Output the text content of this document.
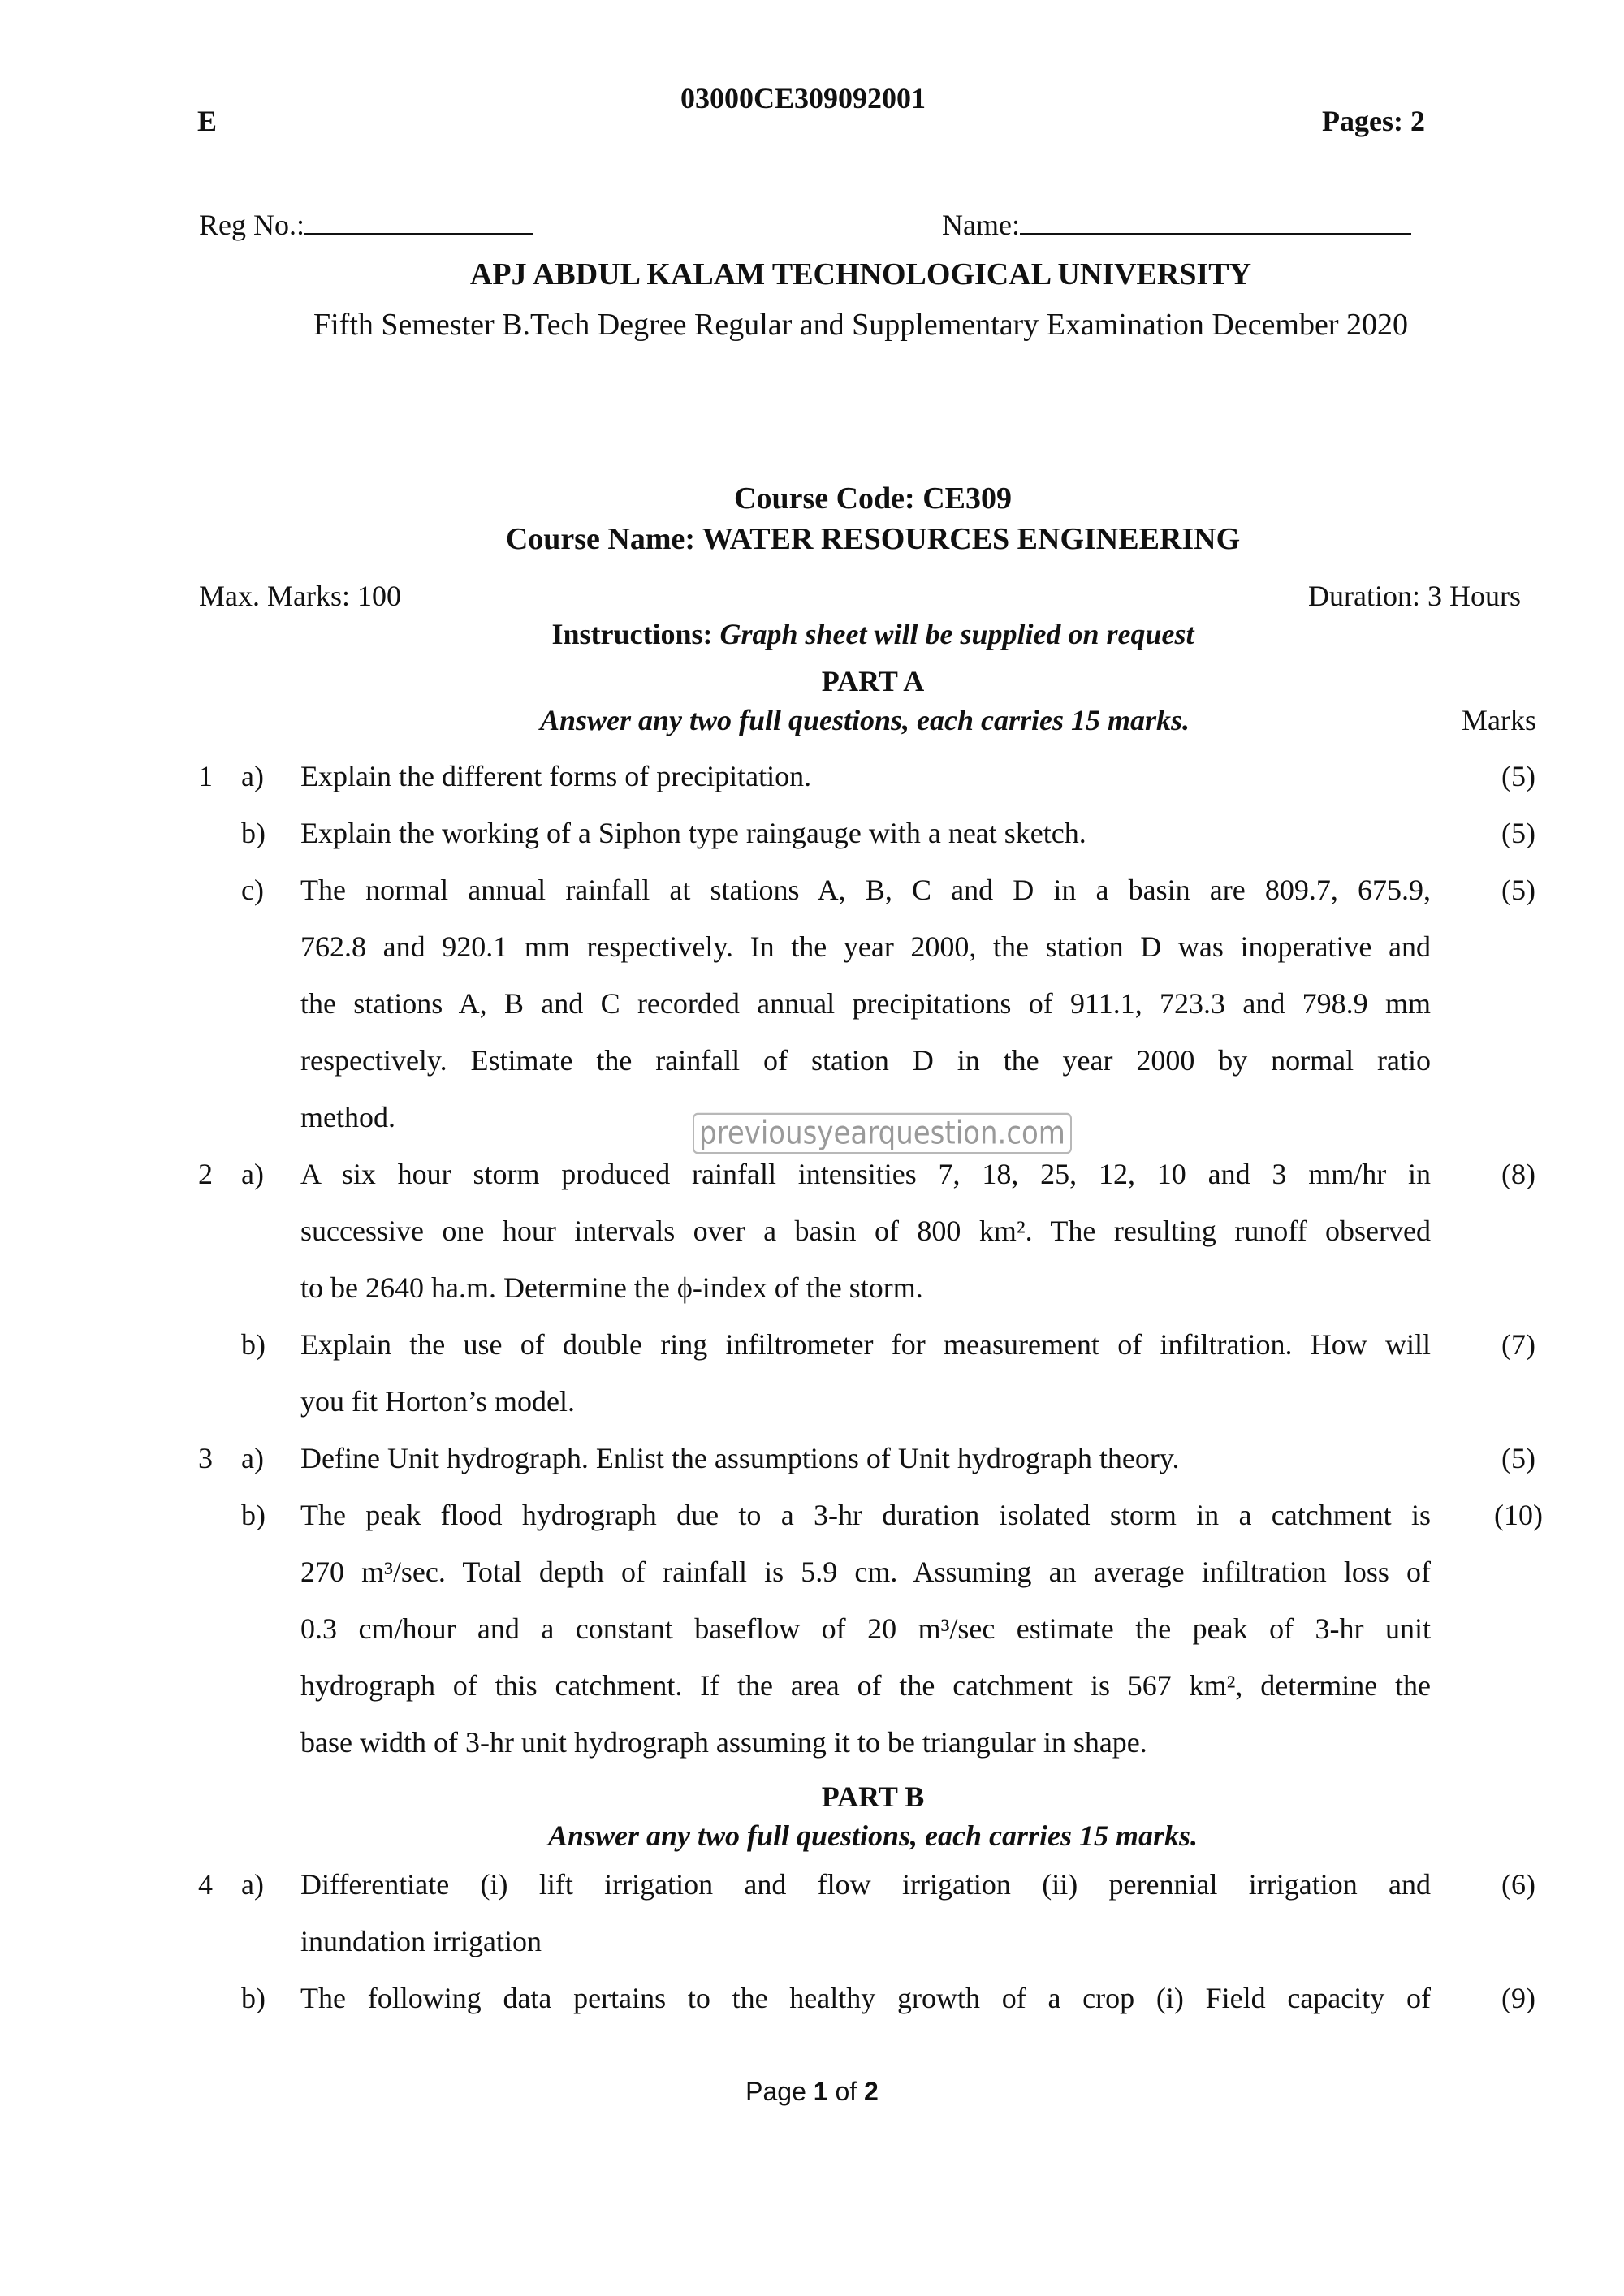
E
03000CE309092001
Pages: 2
Reg No.:	Name:
APJ ABDUL KALAM TECHNOLOGICAL UNIVERSITY
Fifth Semester B.Tech Degree Regular and Supplementary Examination December 2020
Course Code: CE309
Course Name: WATER RESOURCES ENGINEERING
Max. Marks: 100	Duration: 3 Hours
Instructions: Graph sheet will be supplied on request
PART A
Answer any two full questions, each carries 15 marks.	Marks
1 a) Explain the different forms of precipitation.	(5)
b) Explain the working of a Siphon type raingauge with a neat sketch.	(5)
c) The normal annual rainfall at stations A, B, C and D in a basin are 809.7, 675.9,	(5)
762.8 and 920.1 mm respectively. In the year 2000, the station D was inoperative and
the stations A, B and C recorded annual precipitations of 911.1, 723.3 and 798.9 mm
respectively. Estimate the rainfall of station D in the year 2000 by normal ratio
method.
2 a) A six hour storm produced rainfall intensities 7, 18, 25, 12, 10 and 3 mm/hr in	(8)
successive one hour intervals over a basin of 800 km². The resulting runoff observed
to be 2640 ha.m. Determine the ϕ-index of the storm.
b) Explain the use of double ring infiltrometer for measurement of infiltration. How will	(7)
you fit Horton’s model.
3 a) Define Unit hydrograph. Enlist the assumptions of Unit hydrograph theory.	(5)
b) The peak flood hydrograph due to a 3-hr duration isolated storm in a catchment is	(10)
270 m³/sec. Total depth of rainfall is 5.9 cm. Assuming an average infiltration loss of
0.3 cm/hour and a constant baseflow of 20 m³/sec estimate the peak of 3-hr unit
hydrograph of this catchment. If the area of the catchment is 567 km², determine the
base width of 3-hr unit hydrograph assuming it to be triangular in shape.
PART B
Answer any two full questions, each carries 15 marks.
4 a) Differentiate (i) lift irrigation and flow irrigation (ii) perennial irrigation and	(6)
inundation irrigation
b) The following data pertains to the healthy growth of a crop (i) Field capacity of	(9)
previousyearquestion.com
Page 1 of 2
